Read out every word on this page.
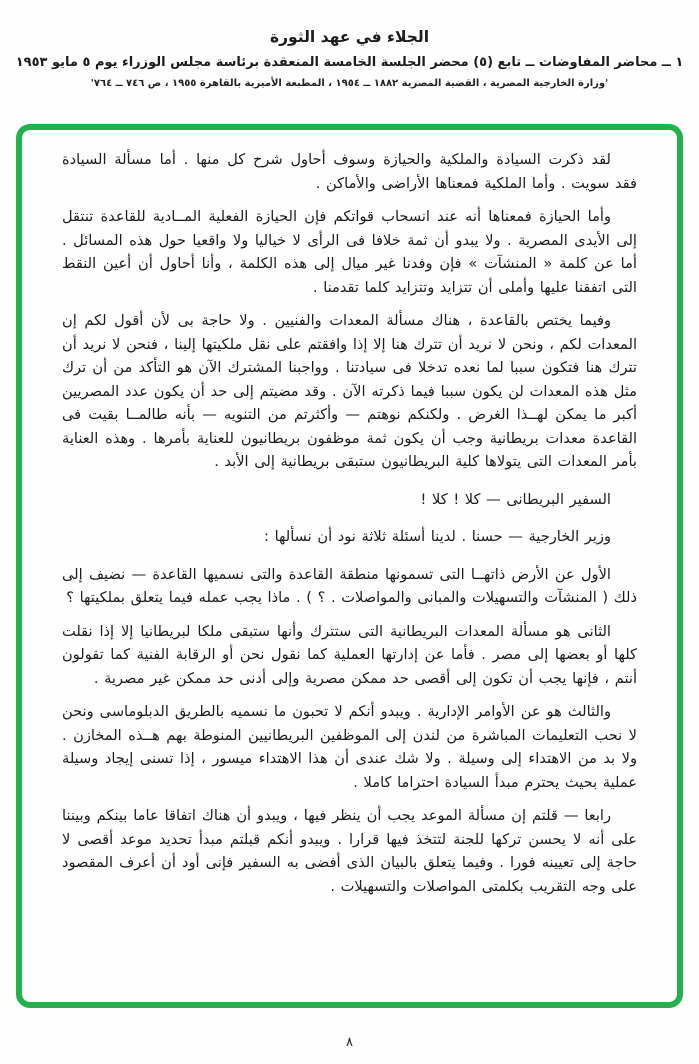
الجلاء في عهد الثورة
١ ــ محاضر المفاوضات ــ تابع (٥) محضر الجلسة الخامسة المنعقدة برئاسة مجلس الوزراء يوم ٥ مايو ١٩٥٣
'وزارة الخارجية المصرية ، القضية المصرية ١٨٨٢ ــ ١٩٥٤ ، المطبعة الأميرية بالقاهرة ١٩٥٥ ، ص ٧٤٦ ــ ٧٦٤'

لقد ذكرت السيادة والملكية والحيازة وسوف أحاول شرح كل منها . أما مسألة السيادة فقد سويت . وأما الملكية فمعناها الأراضى والأماكن .

وأما الحيازة فمعناها أنه عند انسحاب قواتكم فإن الحيازة الفعلية المــادية للقاعدة تنتقل إلى الأيدى المصرية . ولا يبدو أن ثمة خلافا فى الرأى لا خياليا ولا واقعيا حول هذه المسائل . أما عن كلمة « المنشآت » فإن وفدنا غير ميال إلى هذه الكلمة ، وأنا أحاول أن أعين النقط التى اتفقنا عليها وأملى أن تتزايد وتتزايد كلما تقدمنا .

وفيما يختص بالقاعدة ، هناك مسألة المعدات والفنيين . ولا حاجة بى لأن أقول لكم إن المعدات لكم ، ونحن لا نريد أن تترك هنا إلا إذا وافقتم على نقل ملكيتها إلينا ، فنحن لا نريد أن تترك هنا فتكون سببا لما نعده تدخلا فى سيادتنا . وواجبنا المشترك الآن هو التأكد من أن ترك مثل هذه المعدات لن يكون سببا فيما ذكرته الآن . وقد مضيتم إلى حد أن يكون عدد المصريين أكبر ما يمكن لهــذا الغرض . ولكنكم نوهتم — وأكثرتم من التنويه — بأنه طالمــا بقيت فى القاعدة معدات بريطانية وجب أن يكون ثمة موظفون بريطانيون للعناية بأمرها . وهذه العناية بأمر المعدات التى يتولاها كلية البريطانيون ستبقى بريطانية إلى الأبد .

السفير البريطانى — كلا ! كلا !

وزير الخارجية — حسنا . لدينا أسئلة ثلاثة نود أن نسألها :

الأول عن الأرض ذاتهــا التى تسمونها منطقة القاعدة والتى نسميها القاعدة — نضيف إلى ذلك ( المنشآت والتسهيلات والمبانى والمواصلات . ؟ ) . ماذا يجب عمله فيما يتعلق بملكيتها ؟

الثانى هو مسألة المعدات البريطانية التى ستترك وأنها ستبقى ملكا لبريطانيا إلا إذا نقلت كلها أو بعضها إلى مصر . فأما عن إدارتها العملية كما نقول نحن أو الرقابة الفنية كما تقولون أنتم ، فإنها يجب أن تكون إلى أقصى حد ممكن مصرية وإلى أدنى حد ممكن غير مصرية .

والثالث هو عن الأوامر الإدارية . ويبدو أنكم لا تحبون ما نسميه بالطريق الدبلوماسى ونحن لا نحب التعليمات المباشرة من لندن إلى الموظفين البريطانيين المنوطة بهم هــذه المخازن . ولا بد من الاهتداء إلى وسيلة . ولا شك عندى أن هذا الاهتداء ميسور ، إذا تسنى إيجاد وسيلة عملية بحيث يحترم مبدأ السيادة احتراما كاملا .

رابعا — قلتم إن مسألة الموعد يجب أن ينظر فيها ، ويبدو أن هناك اتفاقا عاما بينكم وبيننا على أنه لا يحسن تركها للجنة لتتخذ فيها قرارا . ويبدو أنكم قبلتم مبدأ تحديد موعد أقصى لا حاجة إلى تعيينه فورا . وفيما يتعلق بالبيان الذى أفضى به السفير فإنى أود أن أعرف المقصود على وجه التقريب بكلمتى المواصلات والتسهيلات .

٨
